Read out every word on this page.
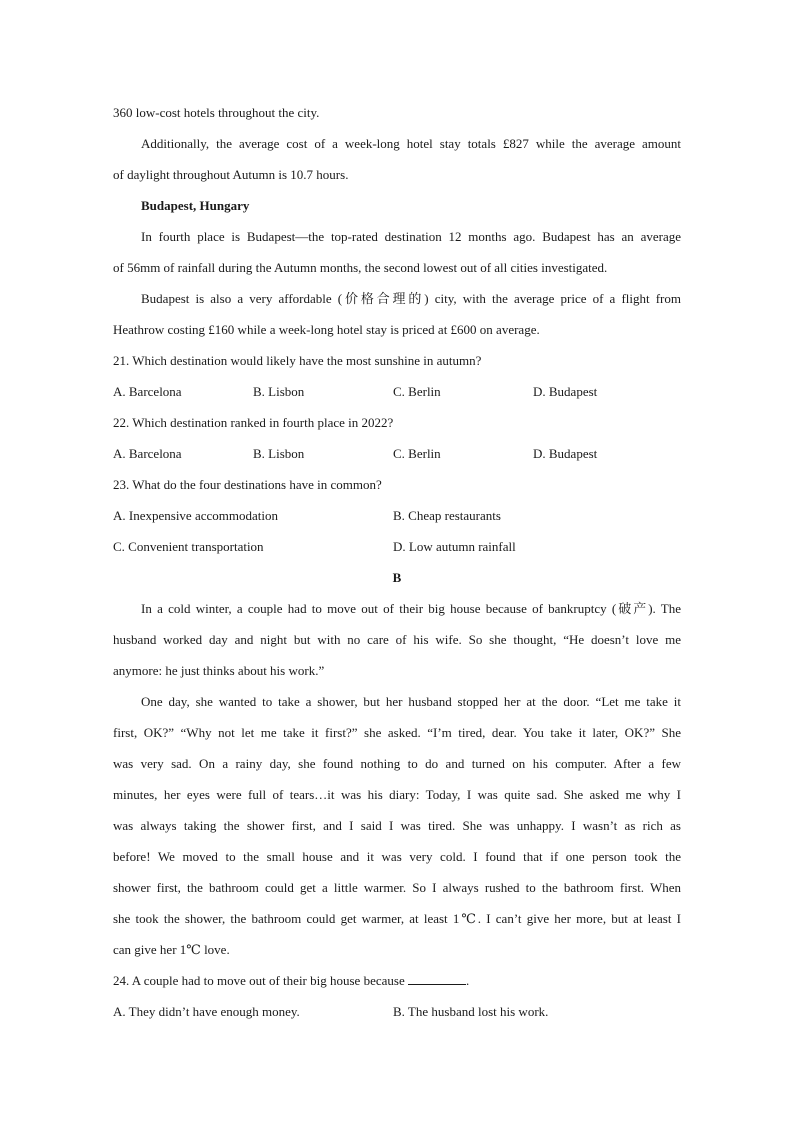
360 low-cost hotels throughout the city.
Additionally, the average cost of a week-long hotel stay totals £827 while the average amount
of daylight throughout Autumn is 10.7 hours.
Budapest, Hungary
In fourth place is Budapest—the top-rated destination 12 months ago. Budapest has an average
of 56mm of rainfall during the Autumn months, the second lowest out of all cities investigated.
Budapest is also a very affordable (价格合理的) city, with the average price of a flight from
Heathrow costing £160 while a week-long hotel stay is priced at £600 on average.
21. Which destination would likely have the most sunshine in autumn?
A. Barcelona	B. Lisbon	C. Berlin	D. Budapest
22. Which destination ranked in fourth place in 2022?
A. Barcelona	B. Lisbon	C. Berlin	D. Budapest
23. What do the four destinations have in common?
A. Inexpensive accommodation	B. Cheap restaurants
C. Convenient transportation	D. Low autumn rainfall
B
In a cold winter, a couple had to move out of their big house because of bankruptcy (破产). The
husband worked day and night but with no care of his wife. So she thought, “He doesn’t love me
anymore: he just thinks about his work.”
One day, she wanted to take a shower, but her husband stopped her at the door. “Let me take it
first, OK?” “Why not let me take it first?” she asked. “I’m tired, dear. You take it later, OK?” She
was very sad. On a rainy day, she found nothing to do and turned on his computer. After a few
minutes, her eyes were full of tears…it was his diary: Today, I was quite sad. She asked me why I
was always taking the shower first, and I said I was tired. She was unhappy. I wasn’t as rich as
before! We moved to the small house and it was very cold. I found that if one person took the
shower first, the bathroom could get a little warmer. So I always rushed to the bathroom first. When
she took the shower, the bathroom could get warmer, at least 1℃. I can’t give her more, but at least I
can give her 1℃ love.
24. A couple had to move out of their big house because	.
A. They didn’t have enough money.	B. The husband lost his work.
